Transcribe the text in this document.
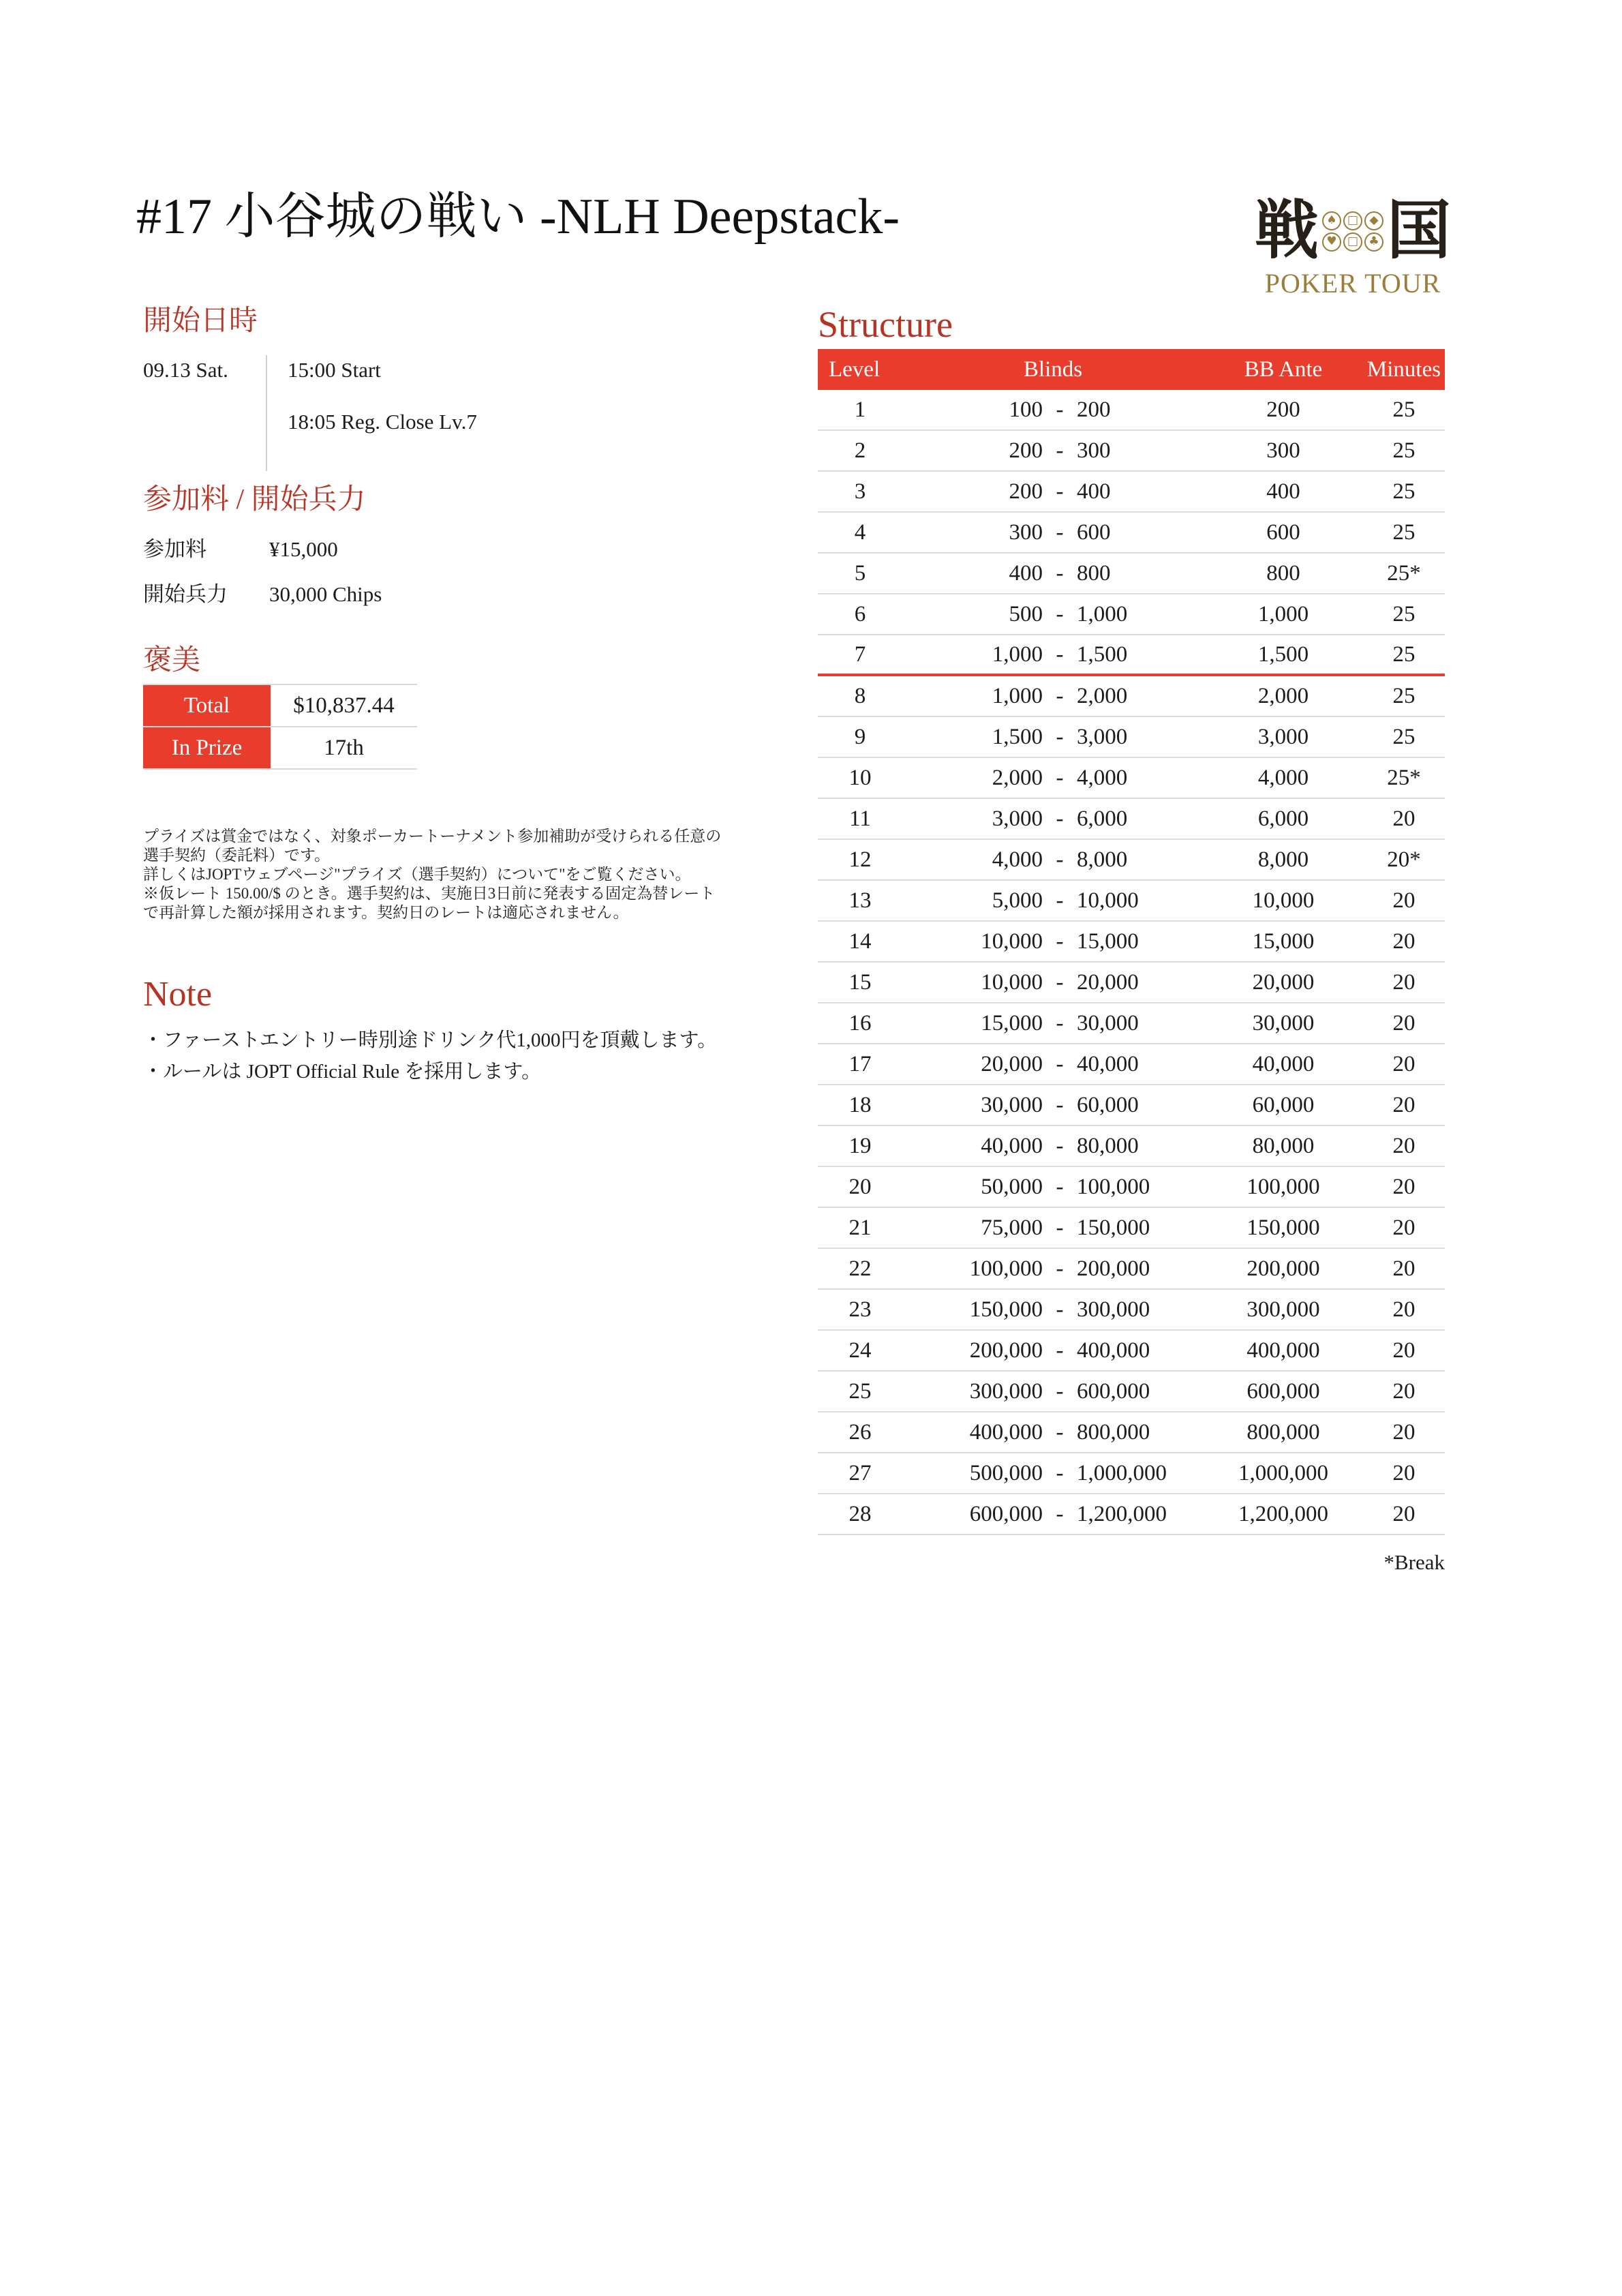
#17 小谷城の戦い -NLH Deepstack-	戦 ♠ □ ◆
♥ □ ♣ 国
POKER TOUR
開始日時
09.13 Sat.	15:00 Start
18:05 Reg. Close Lv.7
参加料 / 開始兵力
参加料	¥15,000
開始兵力	30,000 Chips
褒美
Total	$10,837.44
In Prize	17th
プライズは賞金ではなく、対象ポーカートーナメント参加補助が受けられる任意の
選手契約（委託料）です。
詳しくはJOPTウェブページ"プライズ（選手契約）について"をご覧ください。
※仮レート 150.00/$ のとき。選手契約は、実施日3日前に発表する固定為替レート
で再計算した額が採用されます。契約日のレートは適応されません。
Note
・ファーストエントリー時別途ドリンク代1,000円を頂戴します。
・ルールは JOPT Official Rule を採用します。
Structure
Level	Blinds	BB Ante	Minutes
1	100 - 200	200	25
2	200 - 300	300	25
3	200 - 400	400	25
4	300 - 600	600	25
5	400 - 800	800	25*
6	500 - 1,000	1,000	25
7	1,000 - 1,500	1,500	25
8	1,000 - 2,000	2,000	25
9	1,500 - 3,000	3,000	25
10	2,000 - 4,000	4,000	25*
11	3,000 - 6,000	6,000	20
12	4,000 - 8,000	8,000	20*
13	5,000 - 10,000	10,000	20
14	10,000 - 15,000	15,000	20
15	10,000 - 20,000	20,000	20
16	15,000 - 30,000	30,000	20
17	20,000 - 40,000	40,000	20
18	30,000 - 60,000	60,000	20
19	40,000 - 80,000	80,000	20
20	50,000 - 100,000	100,000	20
21	75,000 - 150,000	150,000	20
22	100,000 - 200,000	200,000	20
23	150,000 - 300,000	300,000	20
24	200,000 - 400,000	400,000	20
25	300,000 - 600,000	600,000	20
26	400,000 - 800,000	800,000	20
27	500,000 - 1,000,000	1,000,000	20
28	600,000 - 1,200,000	1,200,000	20
*Break
